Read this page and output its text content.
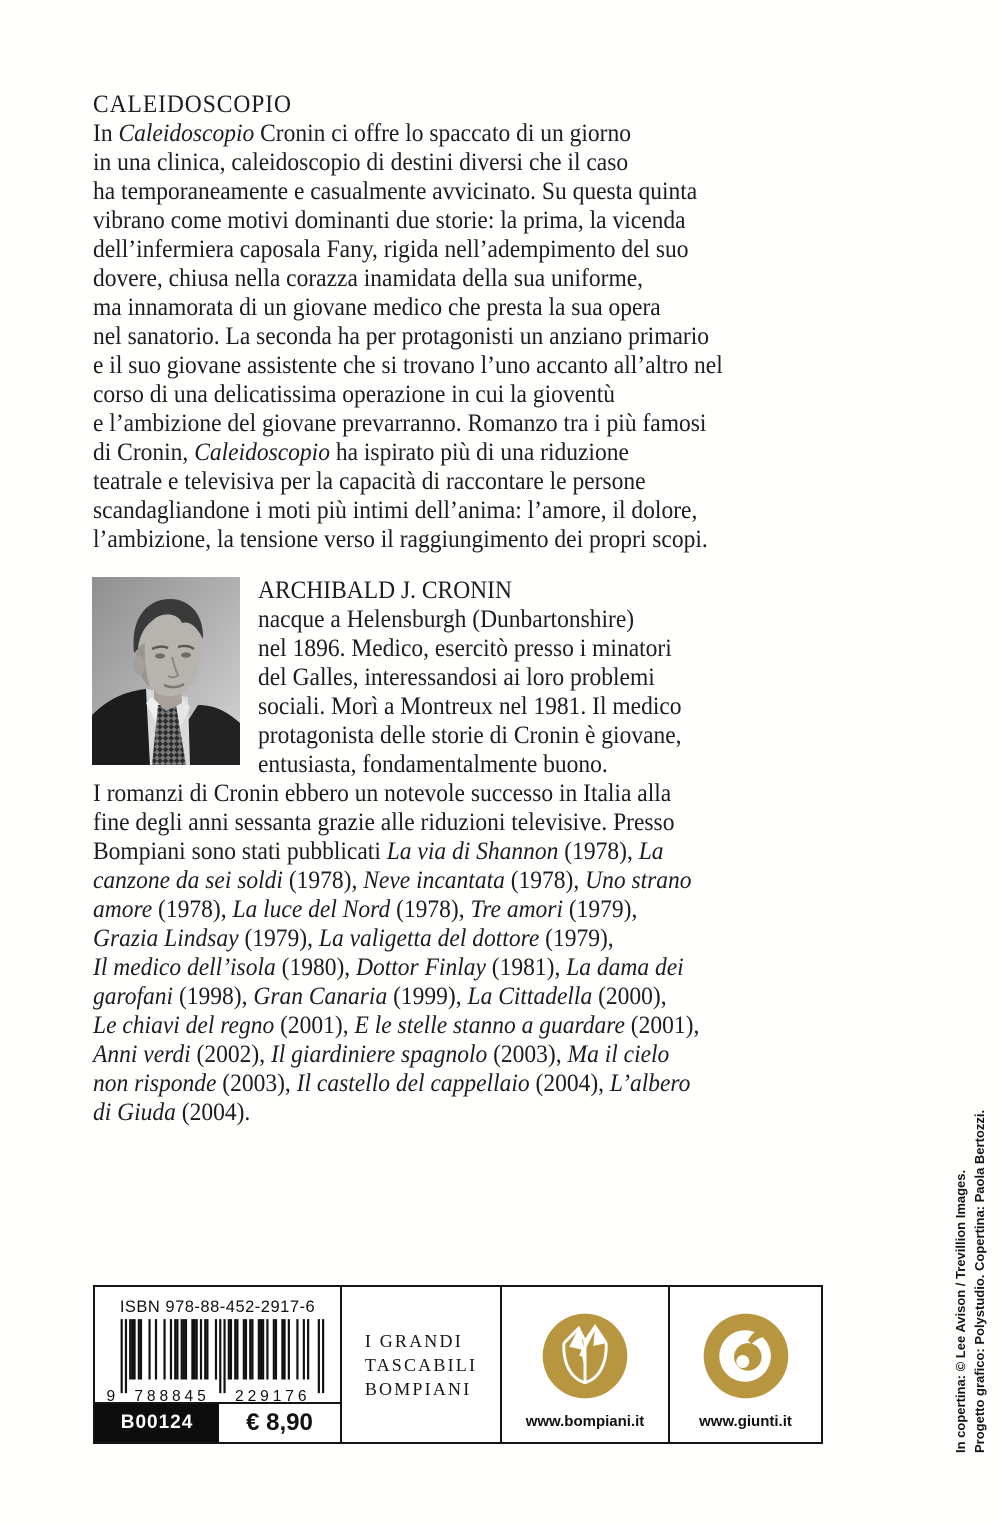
CALEIDOSCOPIO
In Caleidoscopio Cronin ci offre lo spaccato di un giorno
in una clinica, caleidoscopio di destini diversi che il caso
ha temporaneamente e casualmente avvicinato. Su questa quinta
vibrano come motivi dominanti due storie: la prima, la vicenda
dell’infermiera caposala Fany, rigida nell’adempimento del suo
dovere, chiusa nella corazza inamidata della sua uniforme,
ma innamorata di un giovane medico che presta la sua opera
nel sanatorio. La seconda ha per protagonisti un anziano primario
e il suo giovane assistente che si trovano l’uno accanto all’altro nel
corso di una delicatissima operazione in cui la gioventù
e l’ambizione del giovane prevarranno. Romanzo tra i più famosi
di Cronin, Caleidoscopio ha ispirato più di una riduzione
teatrale e televisiva per la capacità di raccontare le persone
scandagliandone i moti più intimi dell’anima: l’amore, il dolore,
l’ambizione, la tensione verso il raggiungimento dei propri scopi.
ARCHIBALD J. CRONIN
nacque a Helensburgh (Dunbartonshire)
nel 1896. Medico, esercitò presso i minatori
del Galles, interessandosi ai loro problemi
sociali. Morì a Montreux nel 1981. Il medico
protagonista delle storie di Cronin è giovane,
entusiasta, fondamentalmente buono.
I romanzi di Cronin ebbero un notevole successo in Italia alla
fine degli anni sessanta grazie alle riduzioni televisive. Presso
Bompiani sono stati pubblicati La via di Shannon (1978), La
canzone da sei soldi (1978), Neve incantata (1978), Uno strano
amore (1978), La luce del Nord (1978), Tre amori (1979),
Grazia Lindsay (1979), La valigetta del dottore (1979),
Il medico dell’isola (1980), Dottor Finlay (1981), La dama dei
garofani (1998), Gran Canaria (1999), La Cittadella (2000),
Le chiavi del regno (2001), E le stelle stanno a guardare (2001),
Anni verdi (2002), Il giardiniere spagnolo (2003), Ma il cielo
non risponde (2003), Il castello del cappellaio (2004), L’albero
di Giuda (2004).
ISBN 978-88-452-2917-6
9 788845 229176
B00124	€ 8,90
I GRANDI
TASCABILI
BOMPIANI
www.bompiani.it	www.giunti.it	In copertina: © Lee Avison / Trevillion Images. Progetto grafico: Polystudio. Copertina: Paola Bertozzi.
